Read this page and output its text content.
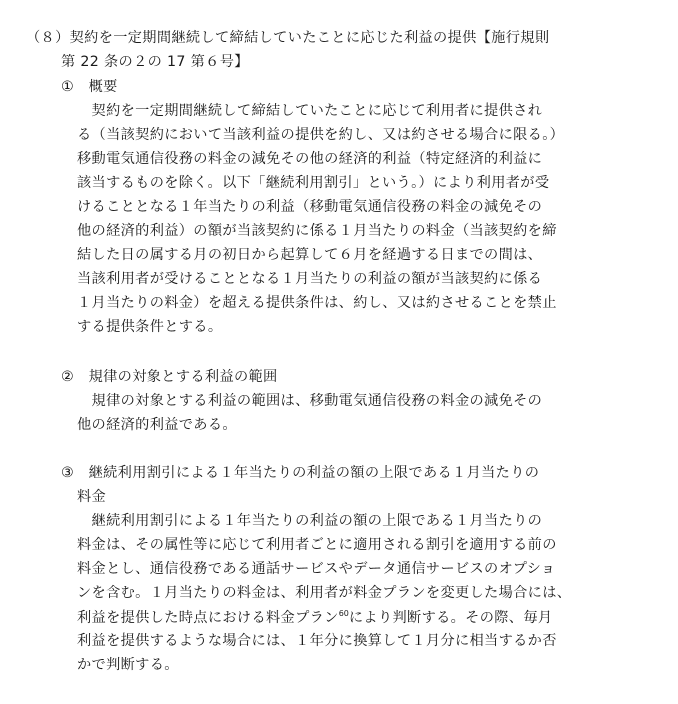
（８）契約を一定期間継続して締結していたことに応じた利益の提供【施行規則
第 22 条の２の 17 第６号】
①　概要
　契約を一定期間継続して締結していたことに応じて利用者に提供され
る（当該契約において当該利益の提供を約し、又は約させる場合に限る。）
移動電気通信役務の料金の減免その他の経済的利益（特定経済的利益に
該当するものを除く。以下「継続利用割引」という。）により利用者が受
けることとなる１年当たりの利益（移動電気通信役務の料金の減免その
他の経済的利益）の額が当該契約に係る１月当たりの料金（当該契約を締
結した日の属する月の初日から起算して６月を経過する日までの間は、
当該利用者が受けることとなる１月当たりの利益の額が当該契約に係る
１月当たりの料金）を超える提供条件は、約し、又は約させることを禁止
する提供条件とする。
②　規律の対象とする利益の範囲
　規律の対象とする利益の範囲は、移動電気通信役務の料金の減免その
他の経済的利益である。
③　継続利用割引による１年当たりの利益の額の上限である１月当たりの
料金
　継続利用割引による１年当たりの利益の額の上限である１月当たりの
料金は、その属性等に応じて利用者ごとに適用される割引を適用する前の
料金とし、通信役務である通話サービスやデータ通信サービスのオプショ
ンを含む。１月当たりの料金は、利用者が料金プランを変更した場合には、
利益を提供した時点における料金プラン$^{60}$により判断する。その際、毎月
利益を提供するような場合には、１年分に換算して１月分に相当するか否
かで判断する。
